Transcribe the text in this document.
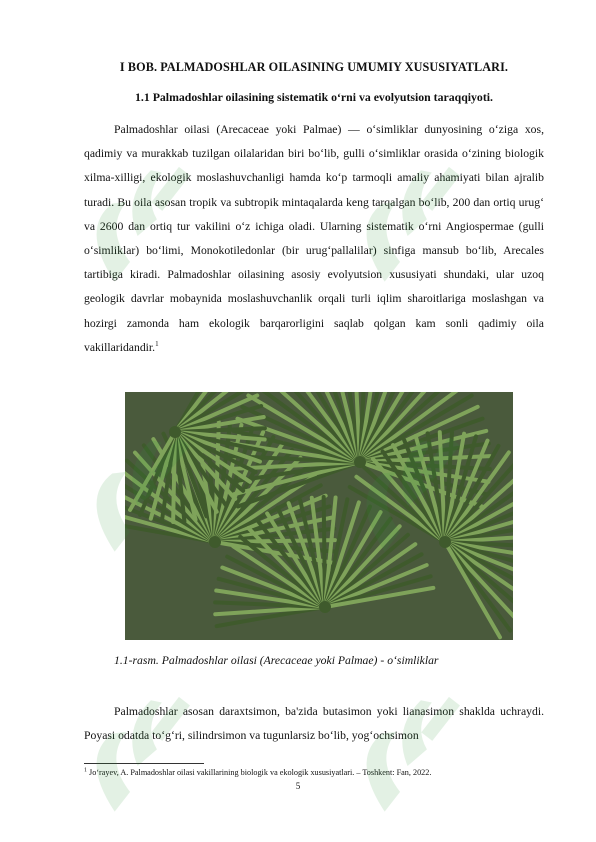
I BOB. PALMADOSHLAR OILASINING UMUMIY XUSUSIYATLARI.
1.1 Palmadoshlar oilasining sistematik o‘rni va evolyutsion taraqqiyoti.

Palmadoshlar oilasi (Arecaceae yoki Palmae) — o‘simliklar dunyosining o‘ziga xos, qadimiy va murakkab tuzilgan oilalaridan biri bo‘lib, gulli o‘simliklar orasida o‘zining biologik xilma-xilligi, ekologik moslashuvchanligi hamda ko‘p tarmoqli amaliy ahamiyati bilan ajralib turadi. Bu oila asosan tropik va subtropik mintaqalarda keng tarqalgan bo‘lib, 200 dan ortiq urug‘ va 2600 dan ortiq tur vakilini o‘z ichiga oladi. Ularning sistematik o‘rni Angiospermae (gulli o‘simliklar) bo‘limi, Monokotiledonlar (bir urug‘pallalilar) sinfiga mansub bo‘lib, Arecales tartibiga kiradi. Palmadoshlar oilasining asosiy evolyutsion xususiyati shundaki, ular uzoq geologik davrlar mobaynida moslashuvchanlik orqali turli iqlim sharoitlariga moslashgan va hozirgi zamonda ham ekologik barqarorligini saqlab qolgan kam sonli qadimiy oila vakillaridandir.$^1$

1.1-rasm. Palmadoshlar oilasi (Arecaceae yoki Palmae) - o‘simliklar

Palmadoshlar asosan daraxtsimon, ba'zida butasimon yoki lianasimon shaklda uchraydi. Poyasi odatda to‘g‘ri, silindrsimon va tugunlarsiz bo‘lib, yog‘ochsimon

$^1$ Jo‘rayev, A. Palmadoshlar oilasi vakillarining biologik va ekologik xususiyatlari. – Toshkent: Fan, 2022.
5
